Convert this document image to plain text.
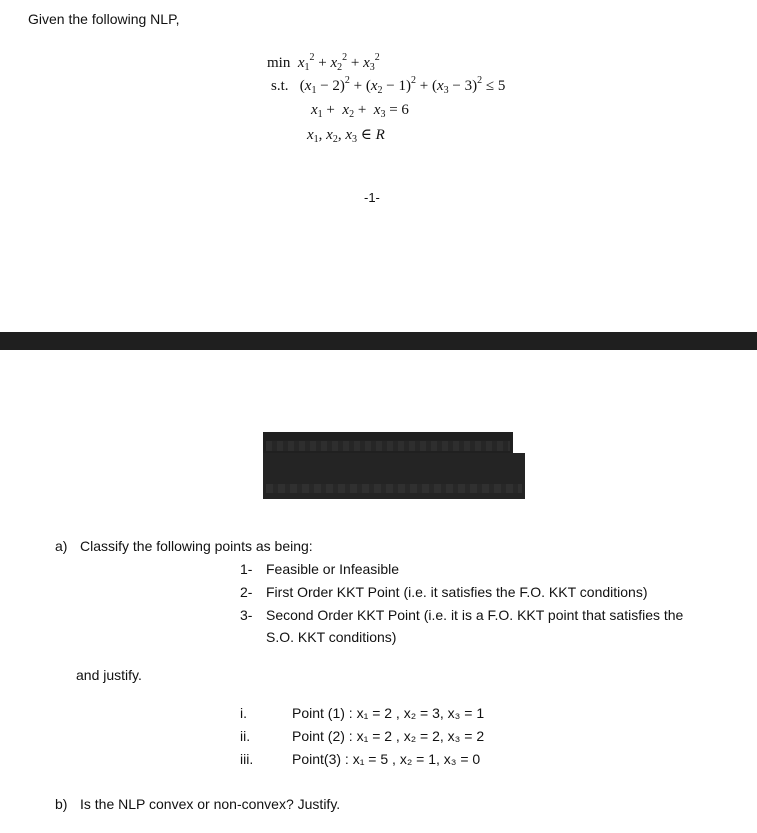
Given the following NLP,
$\min x_1^2 + x_2^2 + x_3^2$
s.t.   $(x_1 - 2)^2 + (x_2 - 1)^2 + (x_3 - 3)^2 \le 5$
$x_1 + x_2 + x_3 = 6$
$x_1$, $x_2$, $x_3$ ∈ R
-1-
a) Classify the following points as being:
1- Feasible or Infeasible
2- First Order KKT Point (i.e. it satisfies the F.O. KKT conditions)
3- Second Order KKT Point (i.e. it is a F.O. KKT point that satisfies the
S.O. KKT conditions)
and justify.
i.	Point (1) : x₁ = 2 , x₂ = 3, x₃ = 1
ii.	Point (2) : x₁ = 2 , x₂ = 2, x₃ = 2
iii.	Point(3) : x₁ = 5 , x₂ = 1, x₃ = 0
b) Is the NLP convex or non-convex? Justify.
